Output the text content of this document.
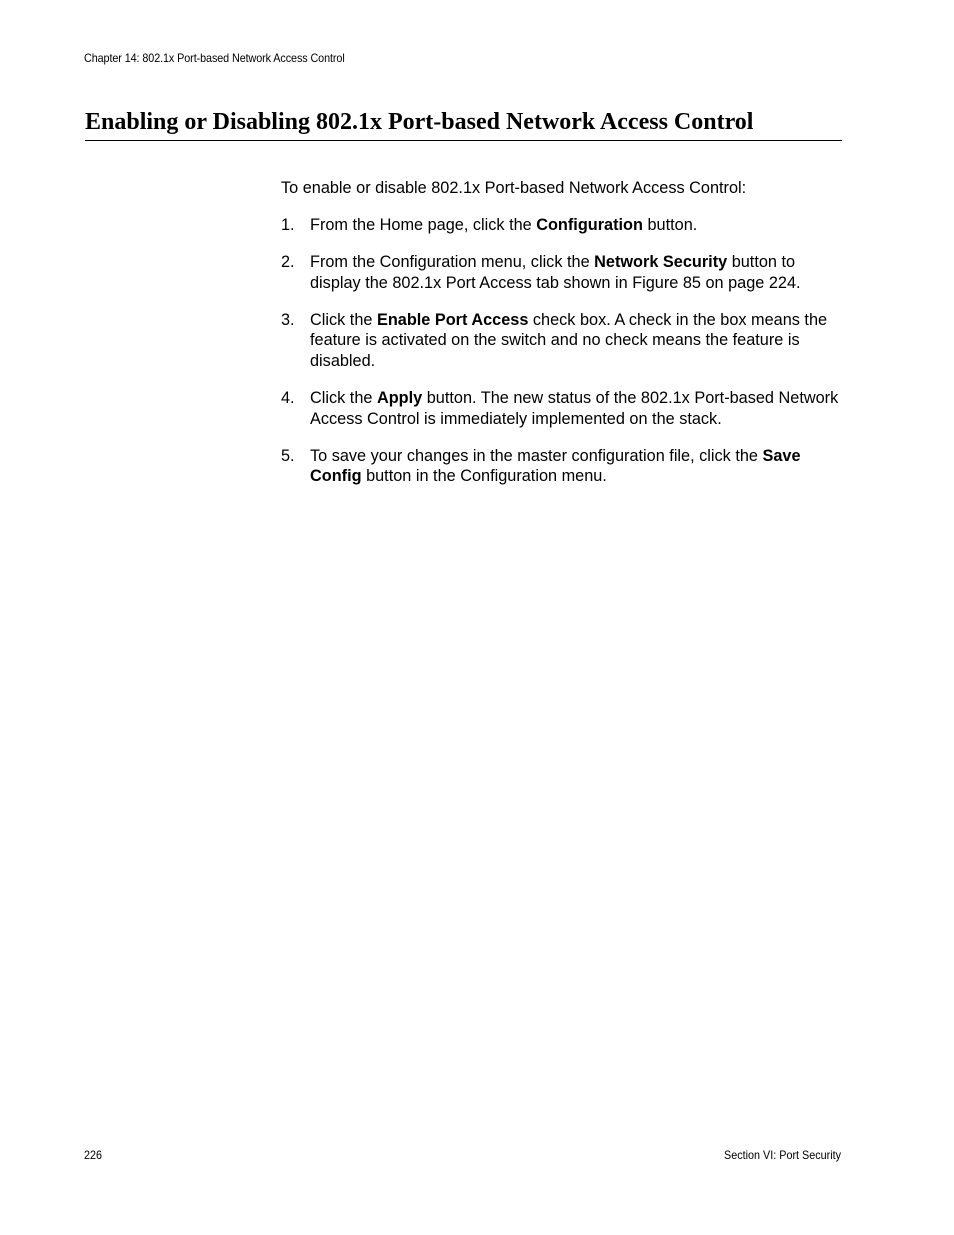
Chapter 14: 802.1x Port-based Network Access Control
Enabling or Disabling 802.1x Port-based Network Access Control

To enable or disable 802.1x Port-based Network Access Control:

1. From the Home page, click the Configuration button.
2. From the Configuration menu, click the Network Security button to display the 802.1x Port Access tab shown in Figure 85 on page 224.
3. Click the Enable Port Access check box. A check in the box means the feature is activated on the switch and no check means the feature is disabled.
4. Click the Apply button. The new status of the 802.1x Port-based Network Access Control is immediately implemented on the stack.
5. To save your changes in the master configuration file, click the Save Config button in the Configuration menu.
226	Section VI: Port Security
